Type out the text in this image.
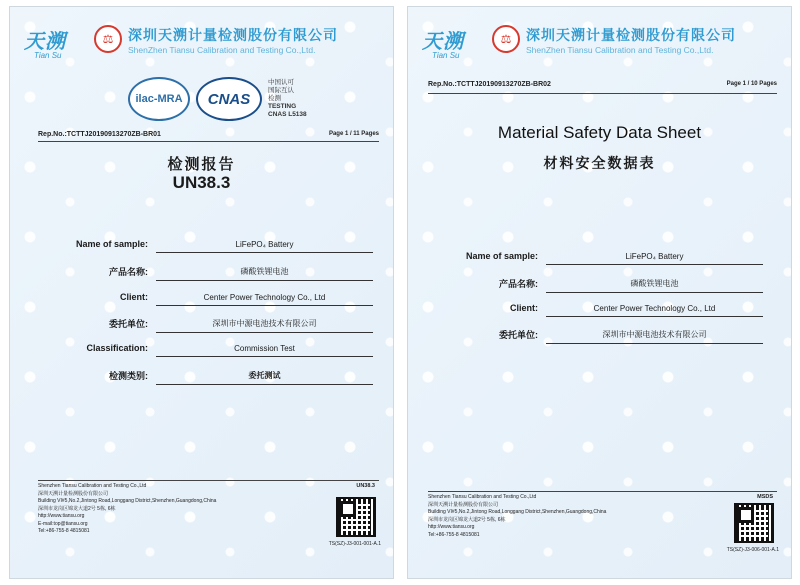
天溯
Tian Su
⚖	深圳天溯计量检测股份有限公司
ShenZhen Tiansu Calibration and Testing Co.,Ltd.
ilac-MRA	CNAS
中国认可
国际互认
检测
TESTING
CNAS L5138
Rep.No.:TCTTJ20190913270ZB-BR01	Page 1 / 11 Pages
检测报告
UN38.3
Name of sample:	LiFePO₄ Battery
产品名称:	磷酸铁锂电池
Client:	Center Power Technology Co., Ltd
委托单位:	深圳市中源电池技术有限公司
Classification:	Commission Test
检测类别:	委托测试
UN38.3
Shenzhen Tiansu Calibration and Testing Co.,Ltd
深圳天溯计量检测股份有限公司
Building VI#5,No.2,Jintong Road,Longgang District,Shenzhen,Guangdong,China
深圳市龙岗区锦龙大道2号 5栋, 6栋
http://www.tiansu.org
E-mail:top@tiansu.org
Tel:+86-755-8 4815081
TS(SZ)-J3-001-001-A.1
天溯
Tian Su
⚖	深圳天溯计量检测股份有限公司
ShenZhen Tiansu Calibration and Testing Co.,Ltd.
Rep.No.:TCTTJ20190913270ZB-BR02	Page 1 / 10 Pages
Material Safety Data Sheet
材料安全数据表
Name of sample:	LiFePO₄ Battery
产品名称:	磷酸铁锂电池
Client:	Center Power Technology Co., Ltd
委托单位:	深圳市中源电池技术有限公司
MSDS
Shenzhen Tiansu Calibration and Testing Co.,Ltd
深圳天溯计量检测股份有限公司
Building VI#5,No.2,Jintong Road,Longgang District,Shenzhen,Guangdong,China
深圳市龙岗区锦龙大道2号 5栋, 6栋
http://www.tiansu.org
Tel:+86-755-8 4815081
TS(SZ)-J3-006-001-A.1
